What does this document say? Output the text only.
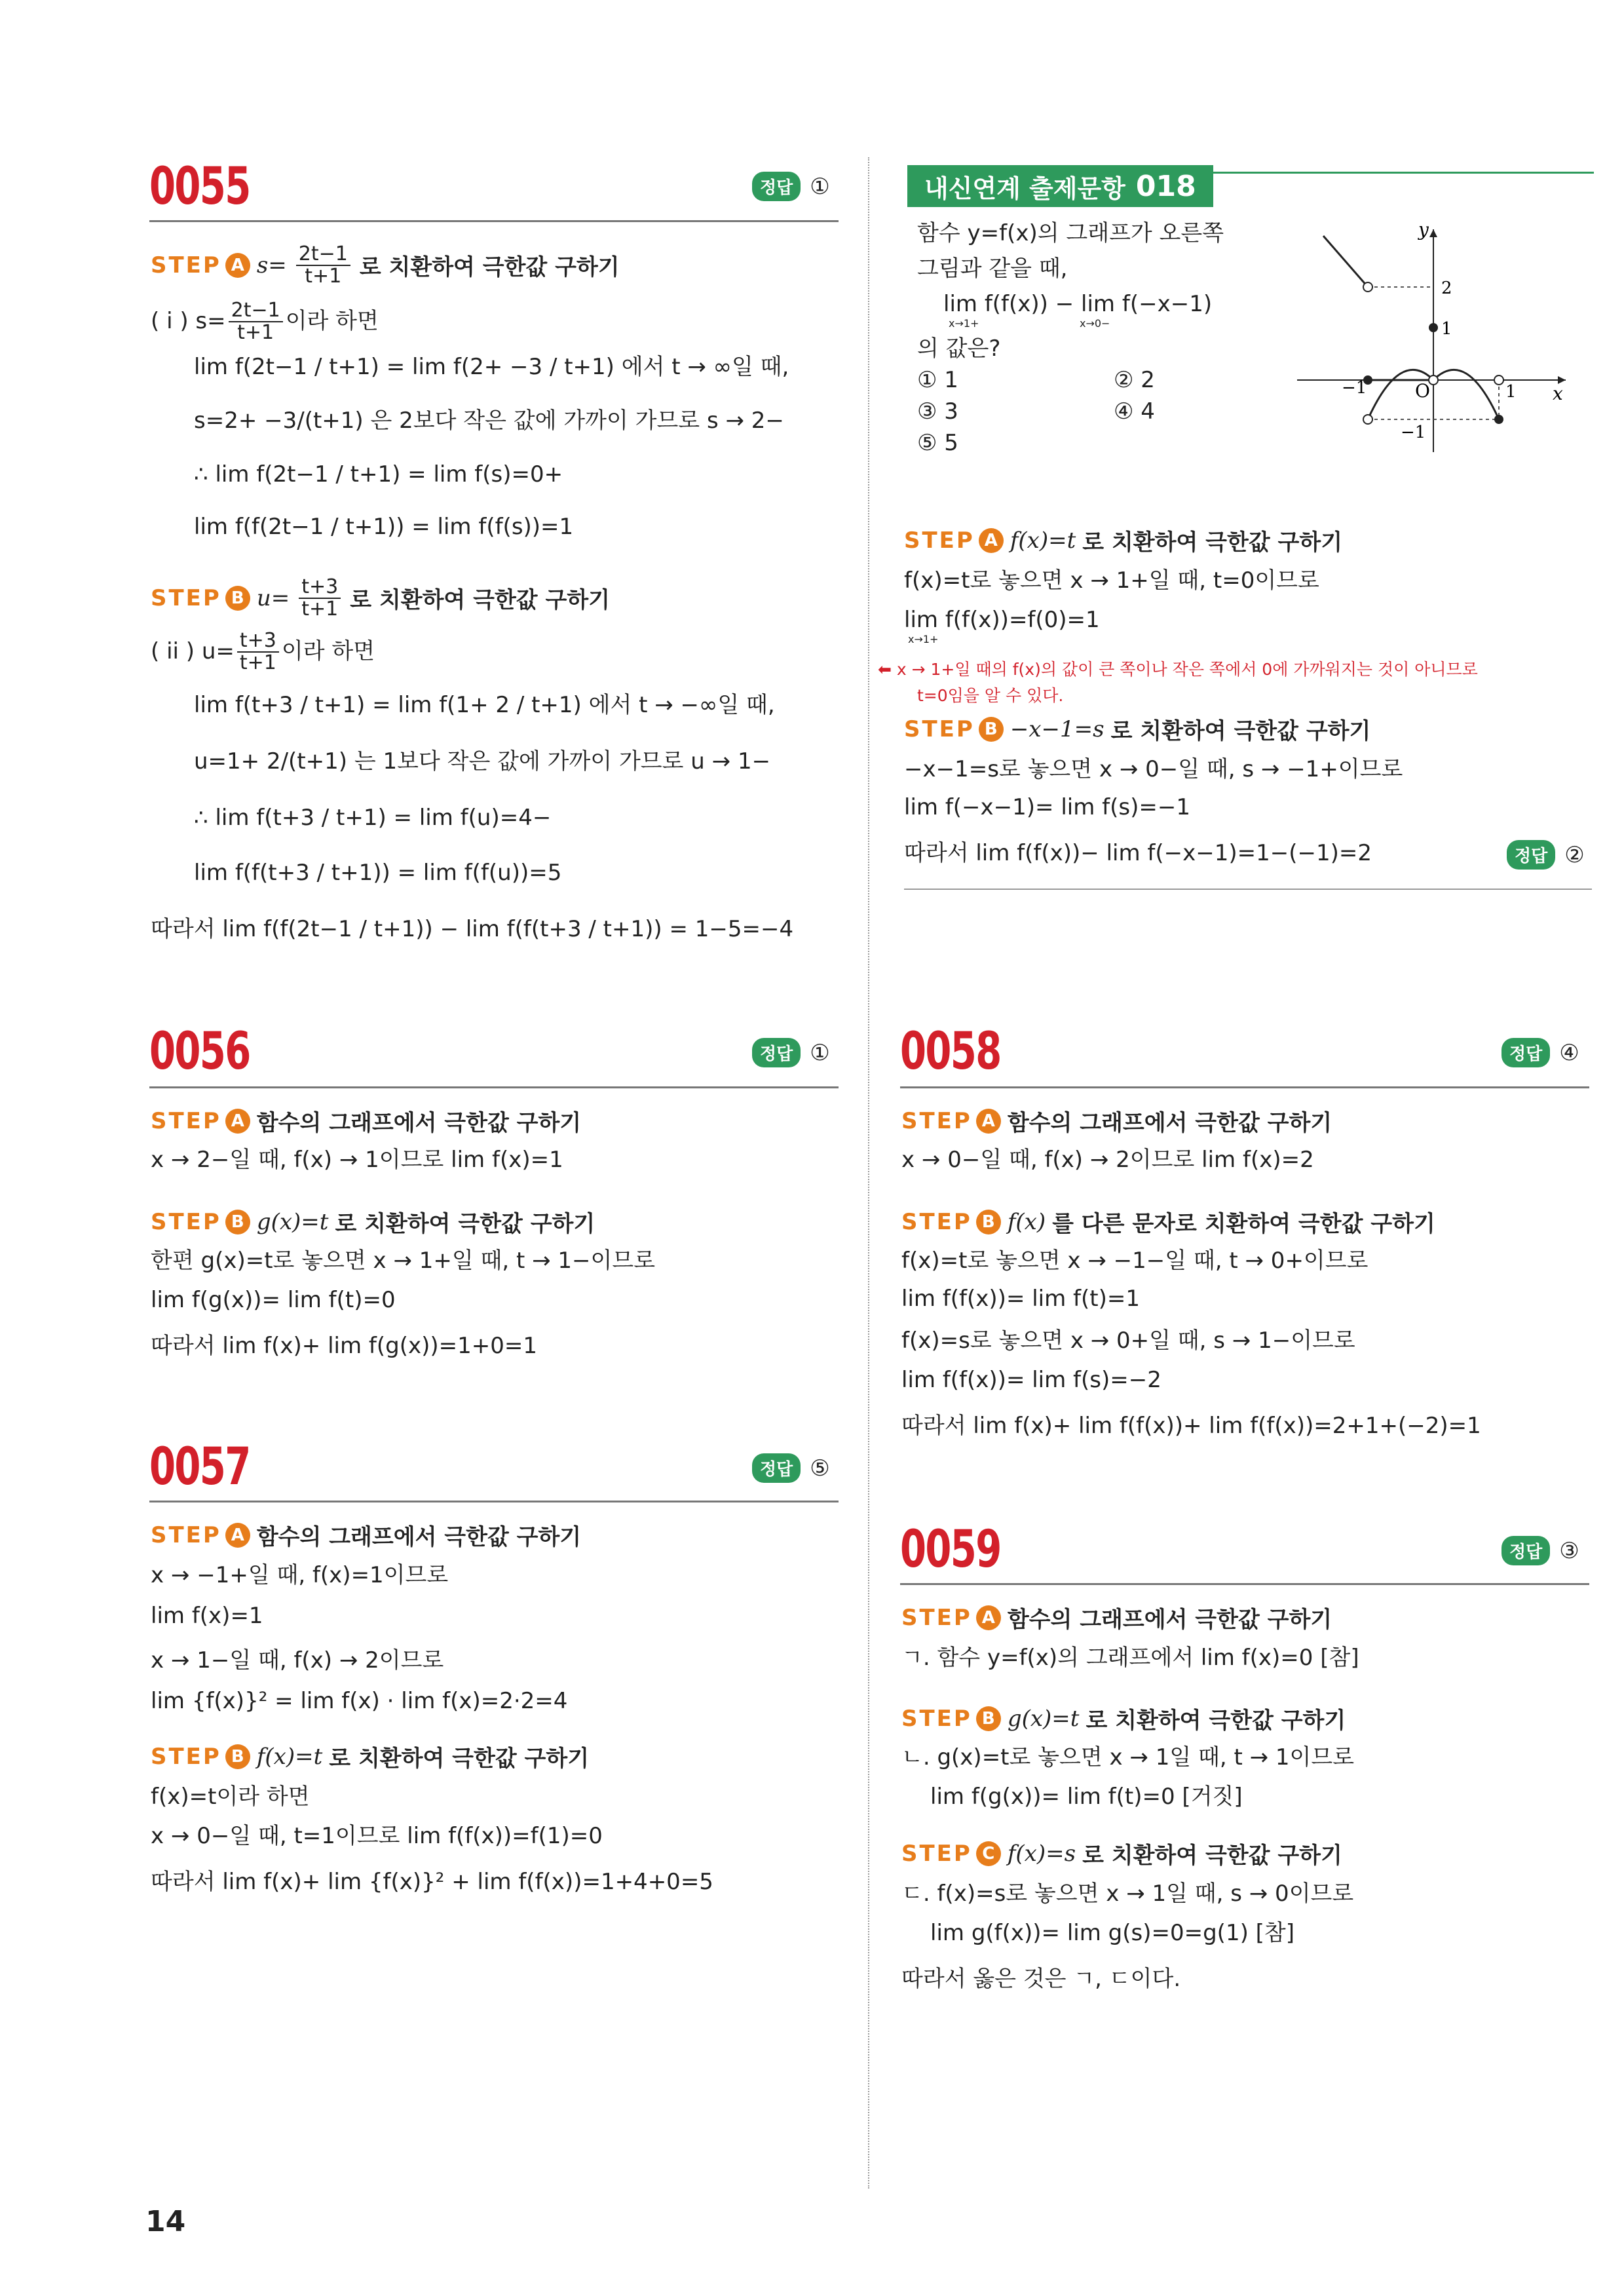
0055	정답 ①
STEP A $s= \frac{2t-1}{t+1}$ 로 치환하여 극한값 구하기
( i ) $s= \frac{2t-1}{t+1}$ 이라 하면
lim f(2t−1 / t+1) = lim f(2+ −3 / t+1) 에서 t → ∞일 때,
s=2+ −3/(t+1) 은 2보다 작은 값에 가까이 가므로 s → 2−
∴ lim f(2t−1 / t+1) = lim f(s)=0+
lim f(f(2t−1 / t+1)) = lim f(f(s))=1
STEP B $u= \frac{t+3}{t+1}$ 로 치환하여 극한값 구하기
( ii ) $u= \frac{t+3}{t+1}$ 이라 하면
lim f(t+3 / t+1) = lim f(1+ 2 / t+1) 에서 t → −∞일 때,
u=1+ 2/(t+1) 는 1보다 작은 값에 가까이 가므로 u → 1−
∴ lim f(t+3 / t+1) = lim f(u)=4−
lim f(f(t+3 / t+1)) = lim f(f(u))=5
따라서 lim f(f(2t−1 / t+1)) − lim f(f(t+3 / t+1)) = 1−5=−4
내신연계 출제문항 018
함수 y=f(x)의 그래프가 오른쪽
그림과 같을 때,
lim f(f(x)) − lim f(−x−1)
x→1+	x→0−
의 값은?
① 1	② 2
③ 3	④ 4
⑤ 5
y
x
2
1
−1	O	1
−1
STEP A f(x)=t 로 치환하여 극한값 구하기
f(x)=t로 놓으면 x → 1+일 때, t=0이므로
lim f(f(x))=f(0)=1
x→1+
⬅ x → 1+일 때의 f(x)의 값이 큰 쪽이나 작은 쪽에서 0에 가까워지는 것이 아니므로
t=0임을 알 수 있다.
STEP B −x−1=s 로 치환하여 극한값 구하기
−x−1=s로 놓으면 x → 0−일 때, s → −1+이므로
lim f(−x−1)= lim f(s)=−1
따라서 lim f(f(x))− lim f(−x−1)=1−(−1)=2	정답 ②
0056	정답 ①
STEP A 함수의 그래프에서 극한값 구하기
x → 2−일 때, f(x) → 1이므로 lim f(x)=1
STEP B g(x)=t 로 치환하여 극한값 구하기
한편 g(x)=t로 놓으면 x → 1+일 때, t → 1−이므로
lim f(g(x))= lim f(t)=0
따라서 lim f(x)+ lim f(g(x))=1+0=1
0057	정답 ⑤
STEP A 함수의 그래프에서 극한값 구하기
x → −1+일 때, f(x)=1이므로
lim f(x)=1
x → 1−일 때, f(x) → 2이므로
lim {f(x)}² = lim f(x) · lim f(x)=2·2=4
STEP B f(x)=t 로 치환하여 극한값 구하기
f(x)=t이라 하면
x → 0−일 때, t=1이므로 lim f(f(x))=f(1)=0
따라서 lim f(x)+ lim {f(x)}² + lim f(f(x))=1+4+0=5
0058	정답 ④
STEP A 함수의 그래프에서 극한값 구하기
x → 0−일 때, f(x) → 2이므로 lim f(x)=2
STEP B f(x) 를 다른 문자로 치환하여 극한값 구하기
f(x)=t로 놓으면 x → −1−일 때, t → 0+이므로
lim f(f(x))= lim f(t)=1
f(x)=s로 놓으면 x → 0+일 때, s → 1−이므로
lim f(f(x))= lim f(s)=−2
따라서 lim f(x)+ lim f(f(x))+ lim f(f(x))=2+1+(−2)=1
0059	정답 ③
STEP A 함수의 그래프에서 극한값 구하기
ㄱ. 함수 y=f(x)의 그래프에서 lim f(x)=0 [참]
STEP B g(x)=t 로 치환하여 극한값 구하기
ㄴ. g(x)=t로 놓으면 x → 1일 때, t → 1이므로
lim f(g(x))= lim f(t)=0 [거짓]
STEP C f(x)=s 로 치환하여 극한값 구하기
ㄷ. f(x)=s로 놓으면 x → 1일 때, s → 0이므로
lim g(f(x))= lim g(s)=0=g(1) [참]
따라서 옳은 것은 ㄱ, ㄷ이다.
14
